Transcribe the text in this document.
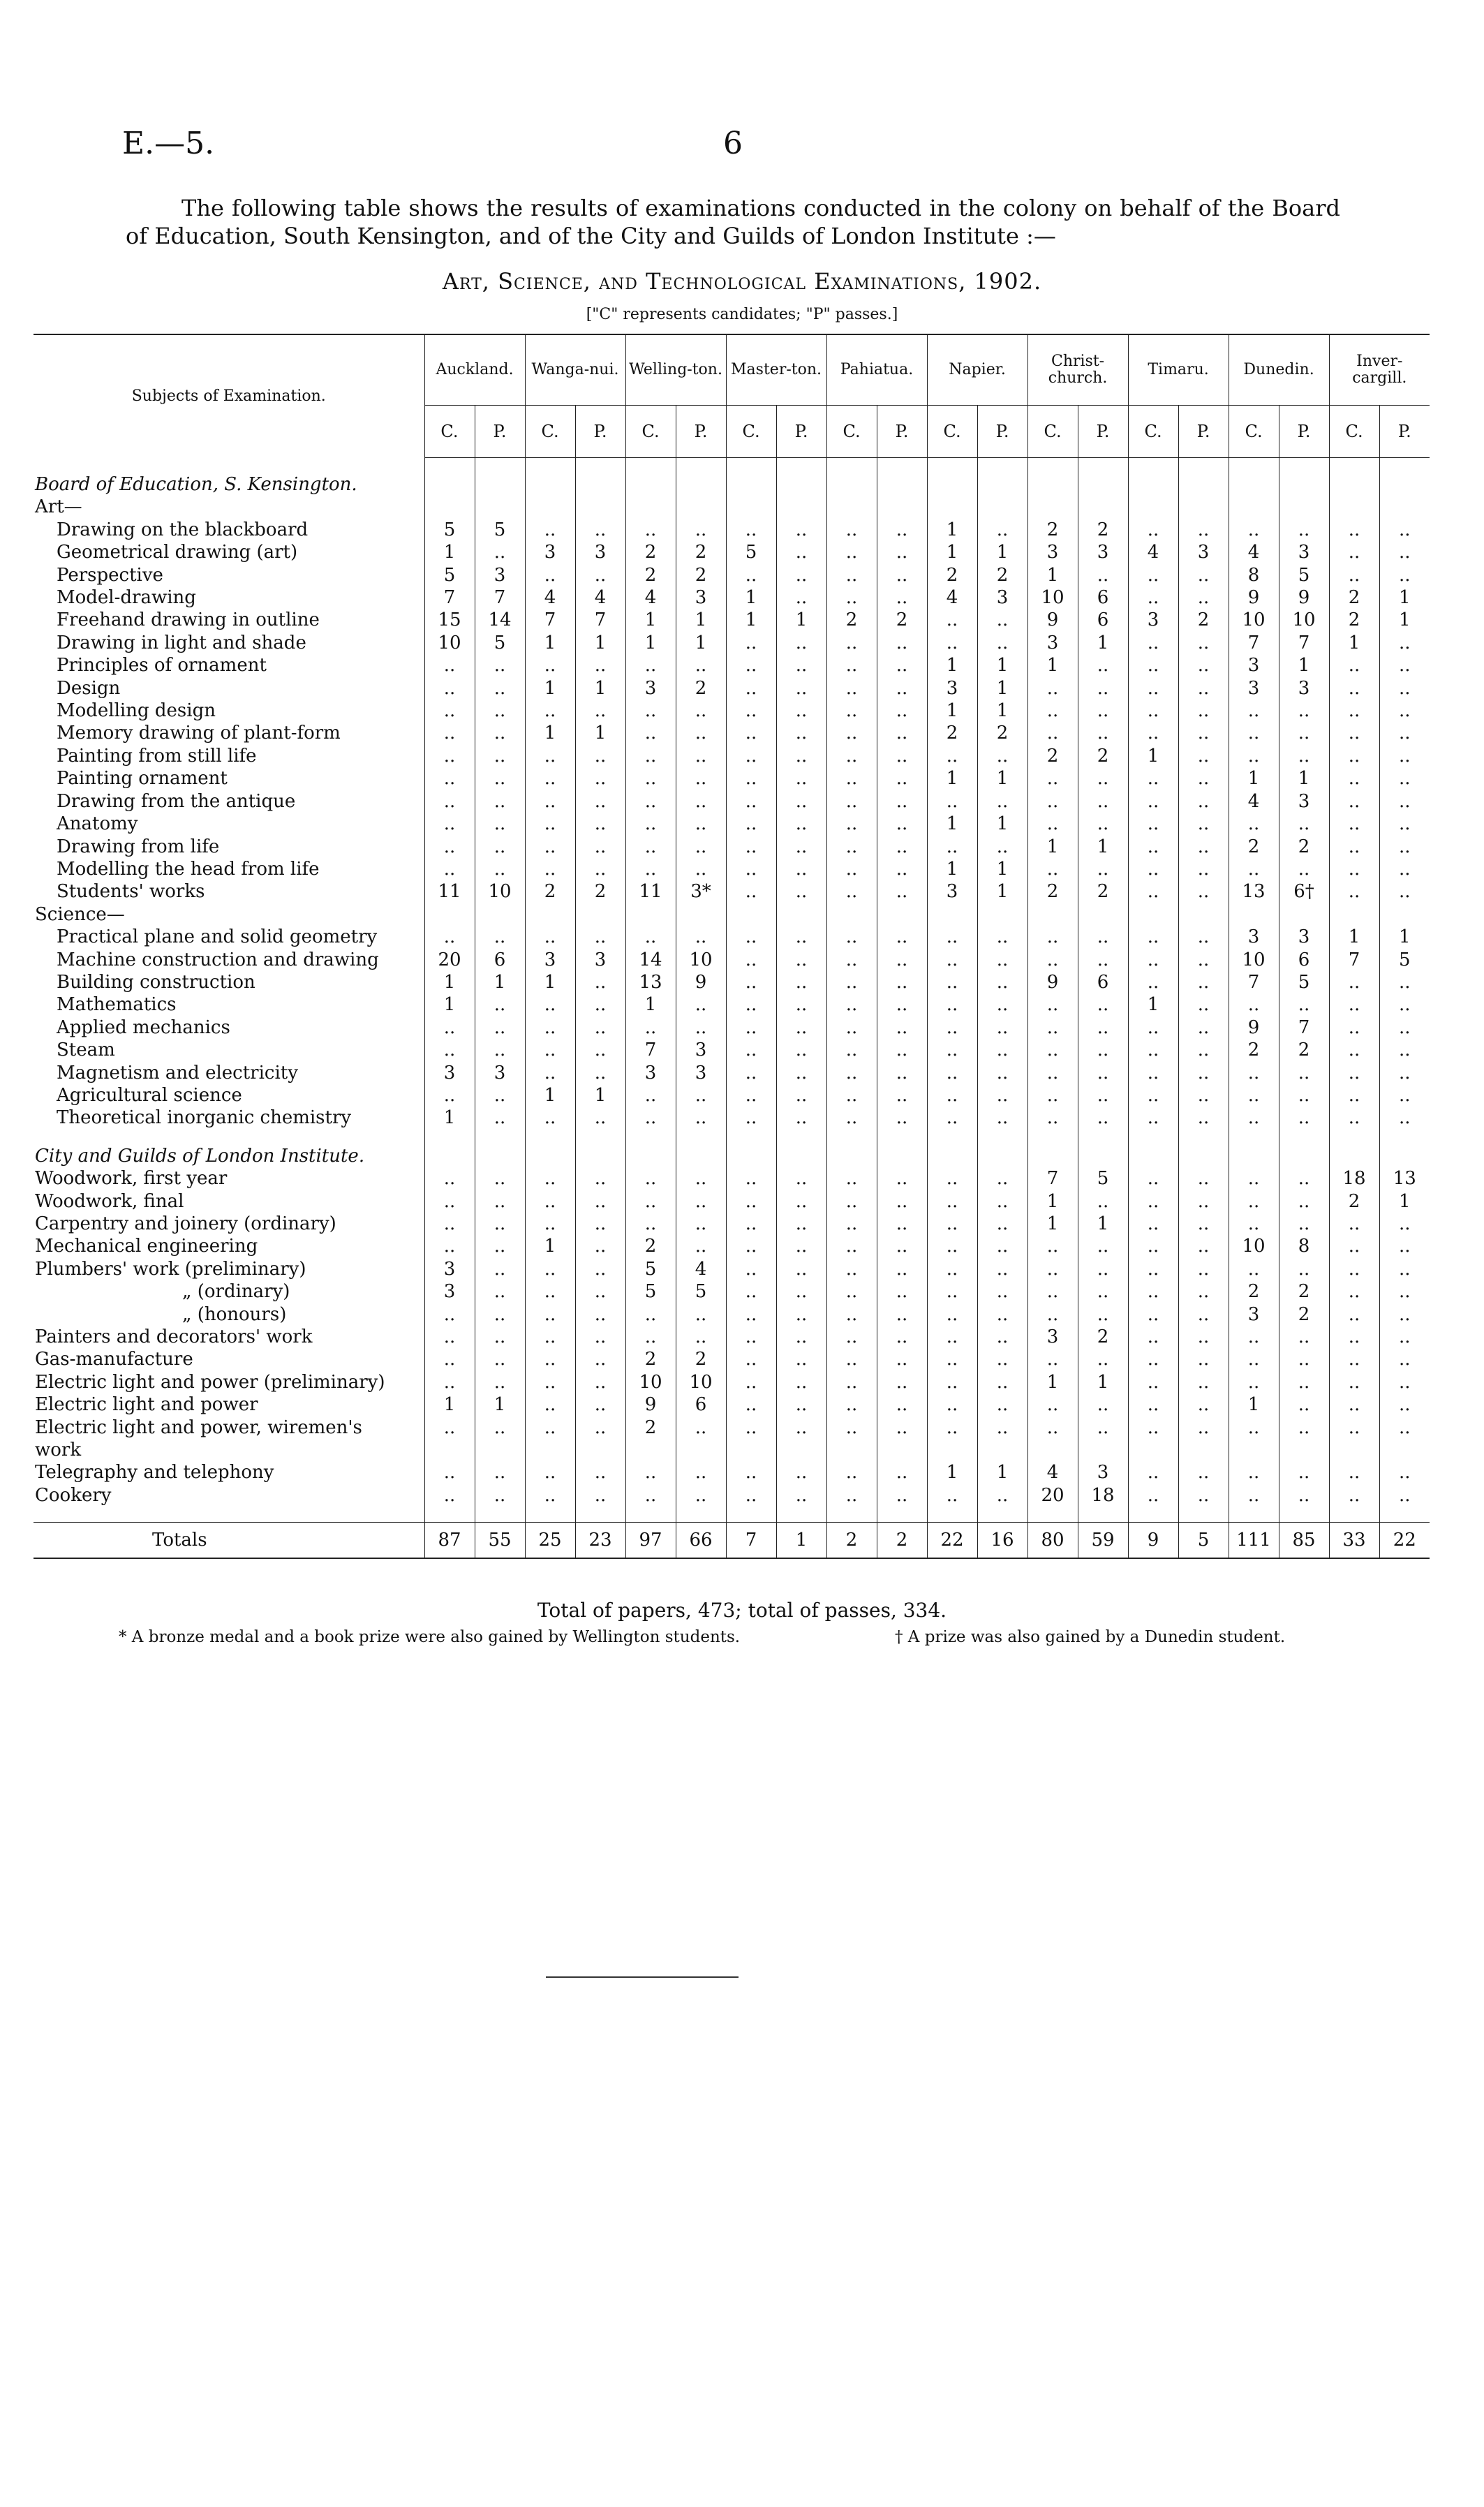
E.—5.	6
The following table shows the results of examinations conducted in the colony on behalf of the Board of Education, South Kensington, and of the City and Guilds of London Institute :—
Art, Science, and Technological Examinations, 1902.
["C" represents candidates; "P" passes.]
Subjects of Examination.	Auckland.		Wanga-nui.		Welling-ton.		Master-ton.		Pahiatua.		Napier.		Christ-church.		Timaru.		Dunedin.		Inver-cargill.	
	C.	P.	C.	P.	C.	P.	C.	P.	C.	P.	C.	P.	C.	P.	C.	P.	C.	P.	C.	P.

Board of Education, S. Kensington.																				
Art—																				
Drawing on the blackboard	5	5	..	..	..	..	..	..	..	..	1	..	2	2	..	..	..	..	..	..
Geometrical drawing (art)	1	..	3	3	2	2	5	..	..	..	1	1	3	3	4	3	4	3	..	..
Perspective	5	3	..	..	2	2	..	..	..	..	2	2	1	..	..	..	8	5	..	..
Model-drawing	7	7	4	4	4	3	1	..	..	..	4	3	10	6	..	..	9	9	2	1
Freehand drawing in outline	15	14	7	7	1	1	1	1	2	2	..	..	9	6	3	2	10	10	2	1
Drawing in light and shade	10	5	1	1	1	1	..	..	..	..	..	..	3	1	..	..	7	7	1	..
Principles of ornament	..	..	..	..	..	..	..	..	..	..	1	1	1	..	..	..	3	1	..	..
Design	..	..	1	1	3	2	..	..	..	..	3	1	..	..	..	..	3	3	..	..
Modelling design	..	..	..	..	..	..	..	..	..	..	1	1	..	..	..	..	..	..	..	..
Memory drawing of plant-form	..	..	1	1	..	..	..	..	..	..	2	2	..	..	..	..	..	..	..	..
Painting from still life	..	..	..	..	..	..	..	..	..	..	..	..	2	2	1	..	..	..	..	..
Painting ornament	..	..	..	..	..	..	..	..	..	..	1	1	..	..	..	..	1	1	..	..
Drawing from the antique	..	..	..	..	..	..	..	..	..	..	..	..	..	..	..	..	4	3	..	..
Anatomy	..	..	..	..	..	..	..	..	..	..	1	1	..	..	..	..	..	..	..	..
Drawing from life	..	..	..	..	..	..	..	..	..	..	..	..	1	1	..	..	2	2	..	..
Modelling the head from life	..	..	..	..	..	..	..	..	..	..	1	1	..	..	..	..	..	..	..	..
Students' works	11	10	2	2	11	3*	..	..	..	..	3	1	2	2	..	..	13	6†	..	..
Science—																				
Practical plane and solid geometry	..	..	..	..	..	..	..	..	..	..	..	..	..	..	..	..	3	3	1	1
Machine construction and drawing	20	6	3	3	14	10	..	..	..	..	..	..	..	..	..	..	10	6	7	5
Building construction	1	1	1	..	13	9	..	..	..	..	..	..	9	6	..	..	7	5	..	..
Mathematics	1	..	..	..	1	..	..	..	..	..	..	..	..	..	1	..	..	..	..	..
Applied mechanics	..	..	..	..	..	..	..	..	..	..	..	..	..	..	..	..	9	7	..	..
Steam	..	..	..	..	7	3	..	..	..	..	..	..	..	..	..	..	2	2	..	..
Magnetism and electricity	3	3	..	..	3	3	..	..	..	..	..	..	..	..	..	..	..	..	..	..
Agricultural science	..	..	1	1	..	..	..	..	..	..	..	..	..	..	..	..	..	..	..	..
Theoretical inorganic chemistry	1	..	..	..	..	..	..	..	..	..	..	..	..	..	..	..	..	..	..	..

City and Guilds of London Institute.																				
Woodwork, first year	..	..	..	..	..	..	..	..	..	..	..	..	7	5	..	..	..	..	18	13
Woodwork, final	..	..	..	..	..	..	..	..	..	..	..	..	1	..	..	..	..	..	2	1
Carpentry and joinery (ordinary)	..	..	..	..	..	..	..	..	..	..	..	..	1	1	..	..	..	..	..	..
Mechanical engineering	..	..	1	..	2	..	..	..	..	..	..	..	..	..	..	..	10	8	..	..
Plumbers' work (preliminary)	3	..	..	..	5	4	..	..	..	..	..	..	..	..	..	..	..	..	..	..
„ (ordinary)	3	..	..	..	5	5	..	..	..	..	..	..	..	..	..	..	2	2	..	..
„ (honours)	..	..	..	..	..	..	..	..	..	..	..	..	..	..	..	..	3	2	..	..
Painters and decorators' work	..	..	..	..	..	..	..	..	..	..	..	..	3	2	..	..	..	..	..	..
Gas-manufacture	..	..	..	..	2	2	..	..	..	..	..	..	..	..	..	..	..	..	..	..
Electric light and power (preliminary)	..	..	..	..	10	10	..	..	..	..	..	..	1	1	..	..	..	..	..	..
Electric light and power	1	1	..	..	9	6	..	..	..	..	..	..	..	..	..	..	1	..	..	..
Electric light and power, wiremen's	..	..	..	..	2	..	..	..	..	..	..	..	..	..	..	..	..	..	..	..
work																				
Telegraphy and telephony	..	..	..	..	..	..	..	..	..	..	1	1	4	3	..	..	..	..	..	..
Cookery	..	..	..	..	..	..	..	..	..	..	..	..	20	18	..	..	..	..	..	..

Totals	87	55	25	23	97	66	7	1	2	2	22	16	80	59	9	5	111	85	33	22
Total of papers, 473; total of passes, 334.
* A bronze medal and a book prize were also gained by Wellington students.	† A prize was also gained by a Dunedin student.
